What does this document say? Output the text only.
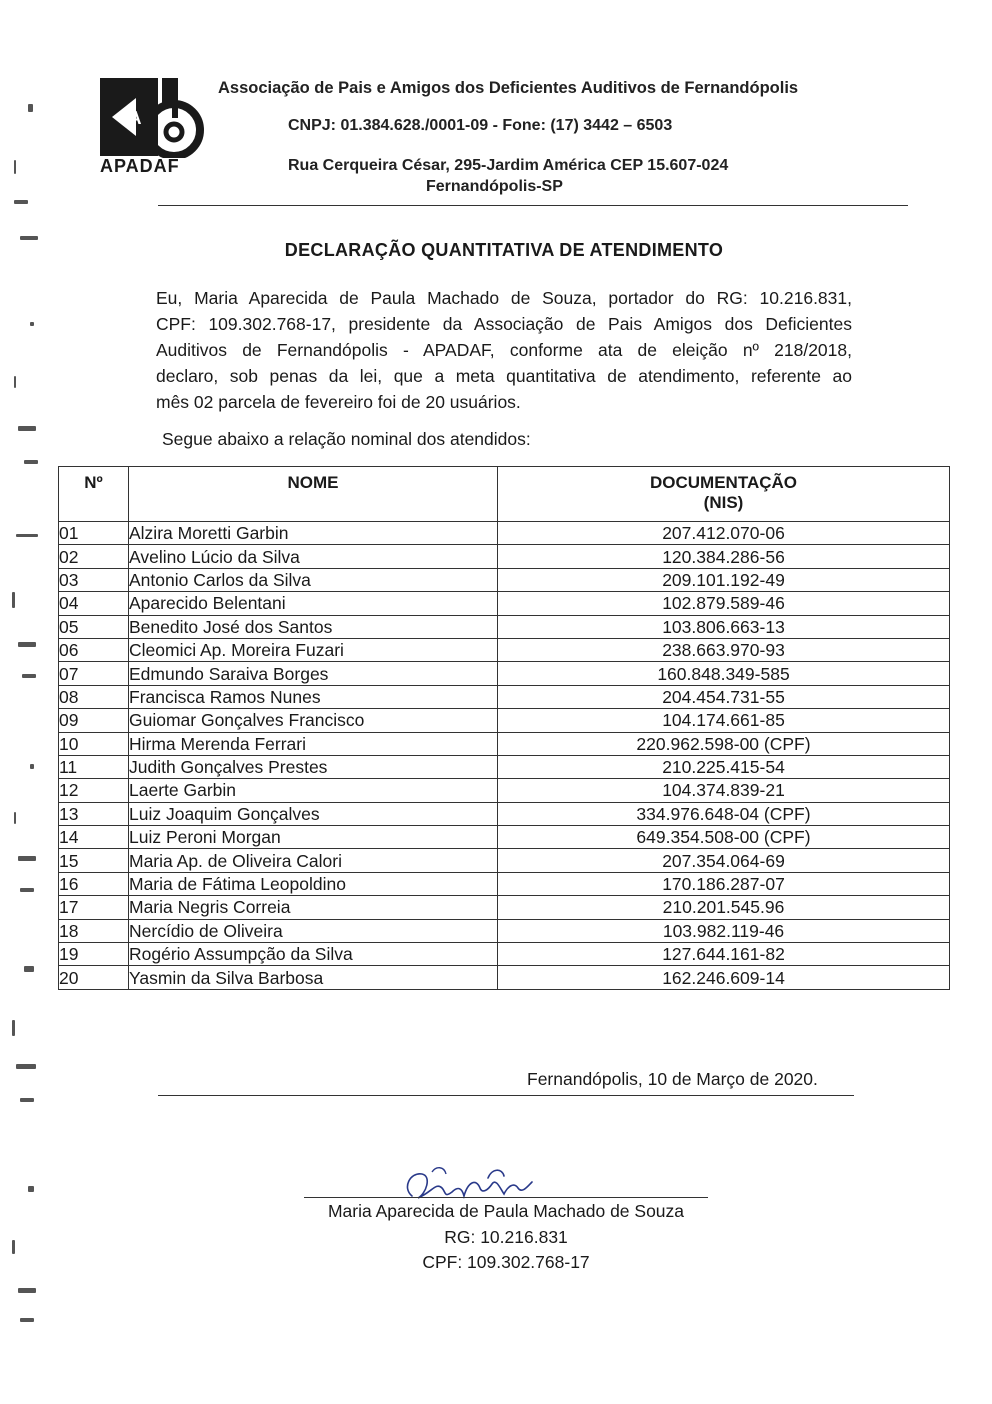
A
APADAF
Associação de Pais e Amigos dos Deficientes Auditivos de Fernandópolis
CNPJ: 01.384.628./0001-09 - Fone: (17) 3442 – 6503
Rua Cerqueira César, 295-Jardim América CEP 15.607-024
Fernandópolis-SP
DECLARAÇÃO QUANTITATIVA DE ATENDIMENTO
Eu, Maria Aparecida de Paula Machado de Souza, portador do RG: 10.216.831,
CPF: 109.302.768-17, presidente da Associação de Pais Amigos dos Deficientes
Auditivos de Fernandópolis - APADAF, conforme ata de eleição nº 218/2018,
declaro, sob penas da lei, que a meta quantitativa de atendimento, referente ao
mês 02 parcela de fevereiro foi de 20 usuários.
Segue abaixo a relação nominal dos atendidos:
Nº	NOME	DOCUMENTAÇÃO
(NIS)
01	Alzira Moretti Garbin	207.412.070-06
02	Avelino Lúcio da Silva	120.384.286-56
03	Antonio Carlos da Silva	209.101.192-49
04	Aparecido Belentani	102.879.589-46
05	Benedito José dos Santos	103.806.663-13
06	Cleomici Ap. Moreira Fuzari	238.663.970-93
07	Edmundo Saraiva Borges	160.848.349-585
08	Francisca Ramos Nunes	204.454.731-55
09	Guiomar Gonçalves Francisco	104.174.661-85
10	Hirma Merenda Ferrari	220.962.598-00 (CPF)
11	Judith Gonçalves Prestes	210.225.415-54
12	Laerte Garbin	104.374.839-21
13	Luiz Joaquim Gonçalves	334.976.648-04 (CPF)
14	Luiz Peroni Morgan	649.354.508-00 (CPF)
15	Maria Ap. de Oliveira Calori	207.354.064-69
16	Maria de Fátima Leopoldino	170.186.287-07
17	Maria Negris Correia	210.201.545.96
18	Nercídio de Oliveira	103.982.119-46
19	Rogério Assumpção da Silva	127.644.161-82
20	Yasmin da Silva Barbosa	162.246.609-14
Fernandópolis, 10 de Março de 2020.
Maria Aparecida de Paula Machado de Souza
RG: 10.216.831
CPF: 109.302.768-17
